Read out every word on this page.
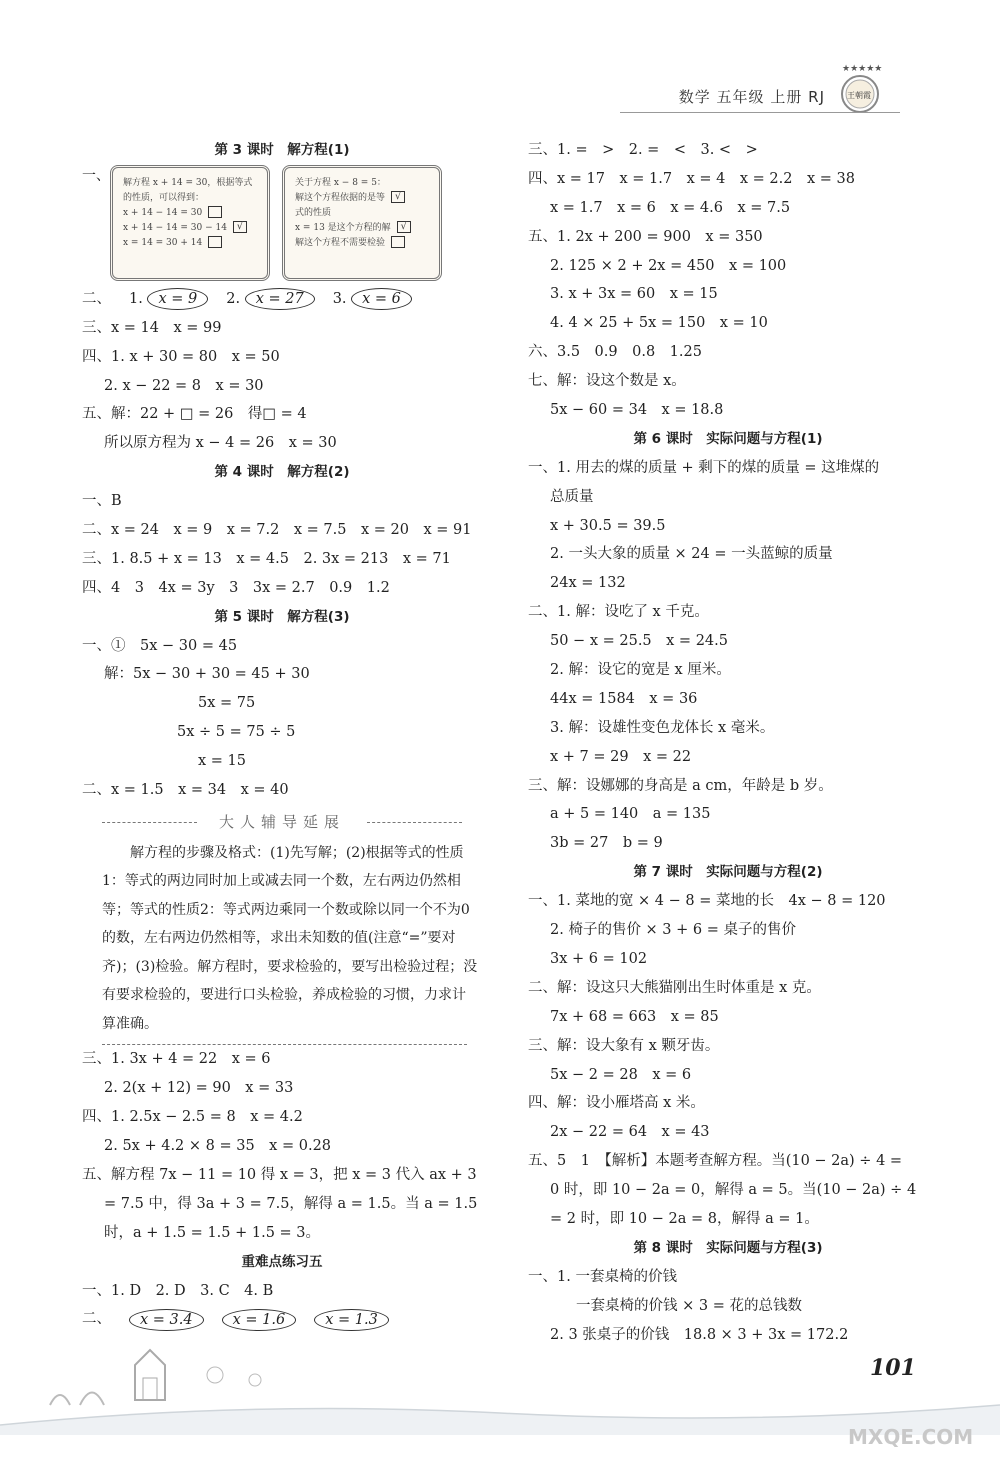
数学 五年级 上册 RJ
★★★★★
王朝霞
第 3 课时　解方程(1)
一、 解方程 x + 14 = 30，根据等式
的性质，可以得到：
x + 14 − 14 = 30
x + 14 − 14 = 30 − 14 √
x = 14 = 30 + 14
关于方程 x − 8 = 5：
解这个方程依据的是等 √
式的性质
x = 13 是这个方程的解 √
解这个方程不需要检验
二、 1. x = 9	2. x = 27	3. x = 6
三、x = 14　x = 99
四、1. x + 30 = 80　x = 50
2. x − 22 = 8　x = 30
五、解：22 + □ = 26　得□ = 4
所以原方程为 x − 4 = 26　x = 30
第 4 课时　解方程(2)
一、B
二、x = 24　x = 9　x = 7.2　x = 7.5　x = 20　x = 91
三、1. 8.5 + x = 13　x = 4.5　2. 3x = 213　x = 71
四、4　3　4x = 3y　3　3x = 2.7　0.9　1.2
第 5 课时　解方程(3)
一、①　5x − 30 = 45
解：5x − 30 + 30 = 45 + 30
5x = 75
5x ÷ 5 = 75 ÷ 5
x = 15
二、x = 1.5　x = 34　x = 40
大人辅导延展
解方程的步骤及格式：(1)先写解；(2)根据等式的性质1：等式的两边同时加上或减去同一个数，左右两边仍然相等；等式的性质2：等式两边乘同一个数或除以同一个不为0的数，左右两边仍然相等，求出未知数的值(注意“=”要对齐)；(3)检验。解方程时，要求检验的，要写出检验过程；没有要求检验的，要进行口头检验，养成检验的习惯，力求计算准确。
三、1. 3x + 4 = 22　x = 6
2. 2(x + 12) = 90　x = 33
四、1. 2.5x − 2.5 = 8　x = 4.2
2. 5x + 4.2 × 8 = 35　x = 0.28
五、解方程 7x − 11 = 10 得 x = 3，把 x = 3 代入 ax + 3
= 7.5 中，得 3a + 3 = 7.5，解得 a = 1.5。当 a = 1.5
时，a + 1.5 = 1.5 + 1.5 = 3。
重难点练习五
一、1. D　2. D　3. C　4. B
二、	x = 3.4	x = 1.6	x = 1.3
三、1. =　>　2. =　<　3. <　>
四、x = 17　x = 1.7　x = 4　x = 2.2　x = 38
x = 1.7　x = 6　x = 4.6　x = 7.5
五、1. 2x + 200 = 900　x = 350
2. 125 × 2 + 2x = 450　x = 100
3. x + 3x = 60　x = 15
4. 4 × 25 + 5x = 150　x = 10
六、3.5　0.9　0.8　1.25
七、解：设这个数是 x。
5x − 60 = 34　x = 18.8
第 6 课时　实际问题与方程(1)
一、1. 用去的煤的质量 + 剩下的煤的质量 = 这堆煤的
总质量
x + 30.5 = 39.5
2. 一头大象的质量 × 24 = 一头蓝鲸的质量
24x = 132
二、1. 解：设吃了 x 千克。
50 − x = 25.5　x = 24.5
2. 解：设它的宽是 x 厘米。
44x = 1584　x = 36
3. 解：设雄性变色龙体长 x 毫米。
x + 7 = 29　x = 22
三、解：设娜娜的身高是 a cm，年龄是 b 岁。
a + 5 = 140　a = 135
3b = 27　b = 9
第 7 课时　实际问题与方程(2)
一、1. 菜地的宽 × 4 − 8 = 菜地的长　4x − 8 = 120
2. 椅子的售价 × 3 + 6 = 桌子的售价
3x + 6 = 102
二、解：设这只大熊猫刚出生时体重是 x 克。
7x + 68 = 663　x = 85
三、解：设大象有 x 颗牙齿。
5x − 2 = 28　x = 6
四、解：设小雁塔高 x 米。
2x − 22 = 64　x = 43
五、5　1　【解析】本题考查解方程。当(10 − 2a) ÷ 4 =
0 时，即 10 − 2a = 0，解得 a = 5。当(10 − 2a) ÷ 4
= 2 时，即 10 − 2a = 8，解得 a = 1。
第 8 课时　实际问题与方程(3)
一、1. 一套桌椅的价钱
一套桌椅的价钱 × 3 = 花的总钱数
2. 3 张桌子的价钱　18.8 × 3 + 3x = 172.2
101
MXQE.COM
